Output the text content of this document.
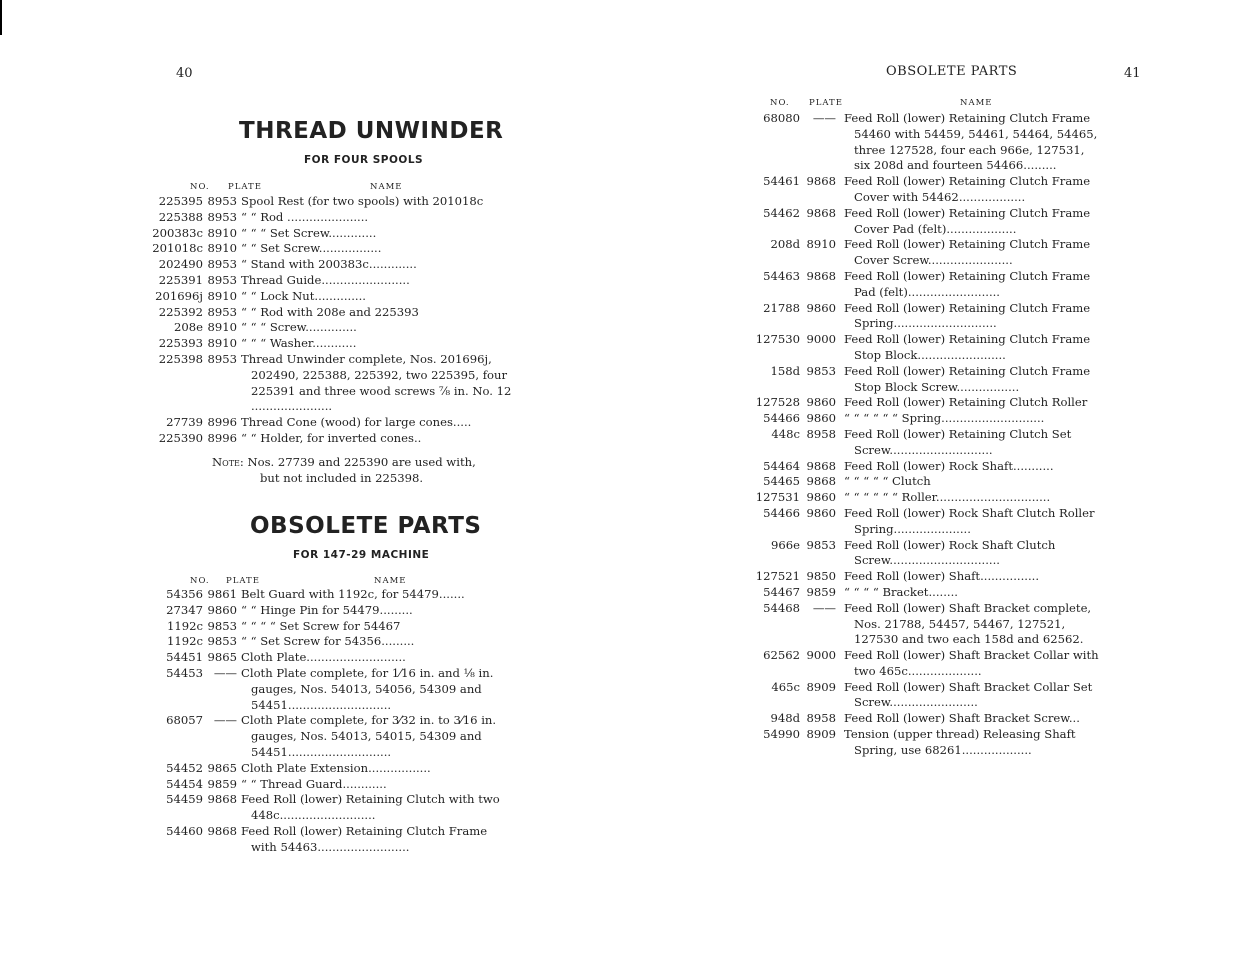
40
THREAD UNWINDER
FOR FOUR SPOOLS
NO. PLATE	NAME
225395 8953 Spool Rest (for two spools) with 201018c
225388 8953 “ “ Rod ......................
200383c 8910 “ “ “ Set Screw.............
201018c 8910 “ “ Set Screw.................
202490 8953 “ Stand with 200383c.............
225391 8953 Thread Guide........................
201696j 8910 “ “ Lock Nut..............
225392 8953 “ “ Rod with 208e and 225393
208e 8910 “ “ “ Screw..............
225393 8910 “ “ “ Washer............
225398 8953 Thread Unwinder complete, Nos. 201696j, 202490, 225388, 225392, two 225395, four 225391 and three wood screws ⅞ in. No. 12 ......................
27739 8996 Thread Cone (wood) for large cones.....
225390 8996 “ “ Holder, for inverted cones..
Note: Nos. 27739 and 225390 are used with,
but not included in 225398.
OBSOLETE PARTS
FOR 147-29 MACHINE
NO. PLATE	NAME
54356 9861 Belt Guard with 1192c, for 54479.......
27347 9860 “ “ Hinge Pin for 54479.........
1192c 9853 “ “ “ “ Set Screw for 54467
1192c 9853 “ “ Set Screw for 54356.........
54451 9865 Cloth Plate...........................
54453 —— Cloth Plate complete, for 1⁄16 in. and ⅛ in. gauges, Nos. 54013, 54056, 54309 and 54451............................
68057 —— Cloth Plate complete, for 3⁄32 in. to 3⁄16 in. gauges, Nos. 54013, 54015, 54309 and 54451............................
54452 9865 Cloth Plate Extension.................
54454 9859 “ “ Thread Guard............
54459 9868 Feed Roll (lower) Retaining Clutch with two 448c..........................
54460 9868 Feed Roll (lower) Retaining Clutch Frame with 54463.........................
OBSOLETE PARTS	41
NO. PLATE	NAME
68080	—— Feed Roll (lower) Retaining Clutch Frame 54460 with 54459, 54461, 54464, 54465, three 127528, four each 966e, 127531, six 208d and fourteen 54466.........
54461 9868 Feed Roll (lower) Retaining Clutch Frame Cover with 54462..................
54462 9868 Feed Roll (lower) Retaining Clutch Frame Cover Pad (felt)...................
208d 8910 Feed Roll (lower) Retaining Clutch Frame Cover Screw.......................
54463 9868 Feed Roll (lower) Retaining Clutch Frame Pad (felt).........................
21788 9860 Feed Roll (lower) Retaining Clutch Frame Spring............................
127530 9000 Feed Roll (lower) Retaining Clutch Frame Stop Block........................
158d 9853 Feed Roll (lower) Retaining Clutch Frame Stop Block Screw.................
127528 9860 Feed Roll (lower) Retaining Clutch Roller
54466 9860 “ “ “ “ “ “ Spring............................
448c 8958 Feed Roll (lower) Retaining Clutch Set Screw............................
54464 9868 Feed Roll (lower) Rock Shaft...........
54465 9868 “ “ “ “ “ Clutch
127531 9860 “ “ “ “ “ “ Roller...............................
54466 9860 Feed Roll (lower) Rock Shaft Clutch Roller Spring.....................
966e 9853 Feed Roll (lower) Rock Shaft Clutch Screw..............................
127521 9850 Feed Roll (lower) Shaft................
54467 9859 “ “ “ “ Bracket........
54468	—— Feed Roll (lower) Shaft Bracket complete, Nos. 21788, 54457, 54467, 127521, 127530 and two each 158d and 62562.
62562 9000 Feed Roll (lower) Shaft Bracket Collar with two 465c....................
465c 8909 Feed Roll (lower) Shaft Bracket Collar Set Screw........................
948d 8958 Feed Roll (lower) Shaft Bracket Screw...
54990 8909 Tension (upper thread) Releasing Shaft Spring, use 68261...................
